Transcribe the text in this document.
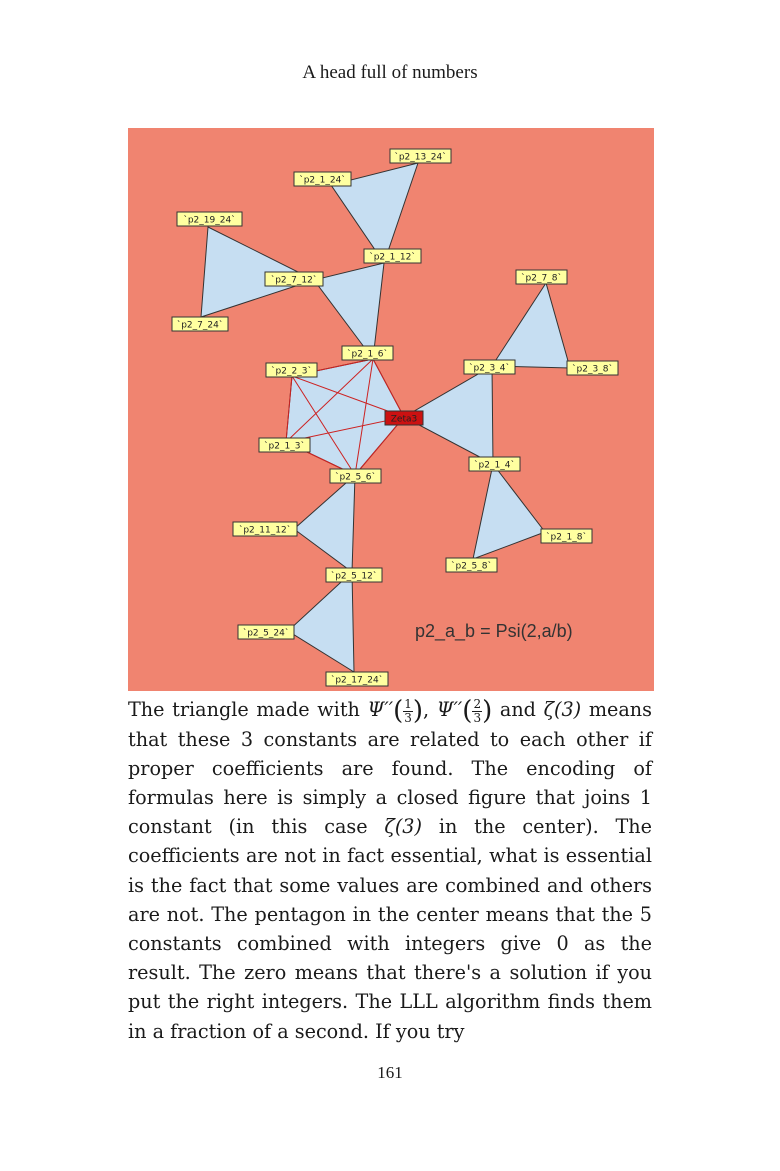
A head full of numbers
`p2_13_24`
`p2_1_24`
`p2_19_24`
`p2_1_12`
`p2_7_12`	`p2_7_8`
`p2_7_24`
`p2_1_6`
`p2_2_3`	`p2_3_4`	`p2_3_8`
Zeta3
`p2_1_3`
`p2_1_4`
`p2_5_6`
`p2_11_12`
`p2_1_8`
`p2_5_8`
`p2_5_12`
`p2_5_24`
`p2_17_24`
p2_a_b = Psi(2,a/b)

The triangle made with $\Psi''( \frac{1}{3}$ ), $\Psi''( \frac{2}{3}$ ) and ζ(3) means that these 3 constants are related to each other if proper coefficients are found. The encoding of formulas here is simply a closed figure that joins 1 constant (in this case ζ(3) in the center). The coefficients are not in fact essential, what is essential is the fact that some values are combined and others are not. The pentagon in the center means that the 5 constants combined with integers give 0 as the result. The zero means that there's a solution if you put the right integers. The LLL algorithm finds them in a fraction of a second. If you try

161
